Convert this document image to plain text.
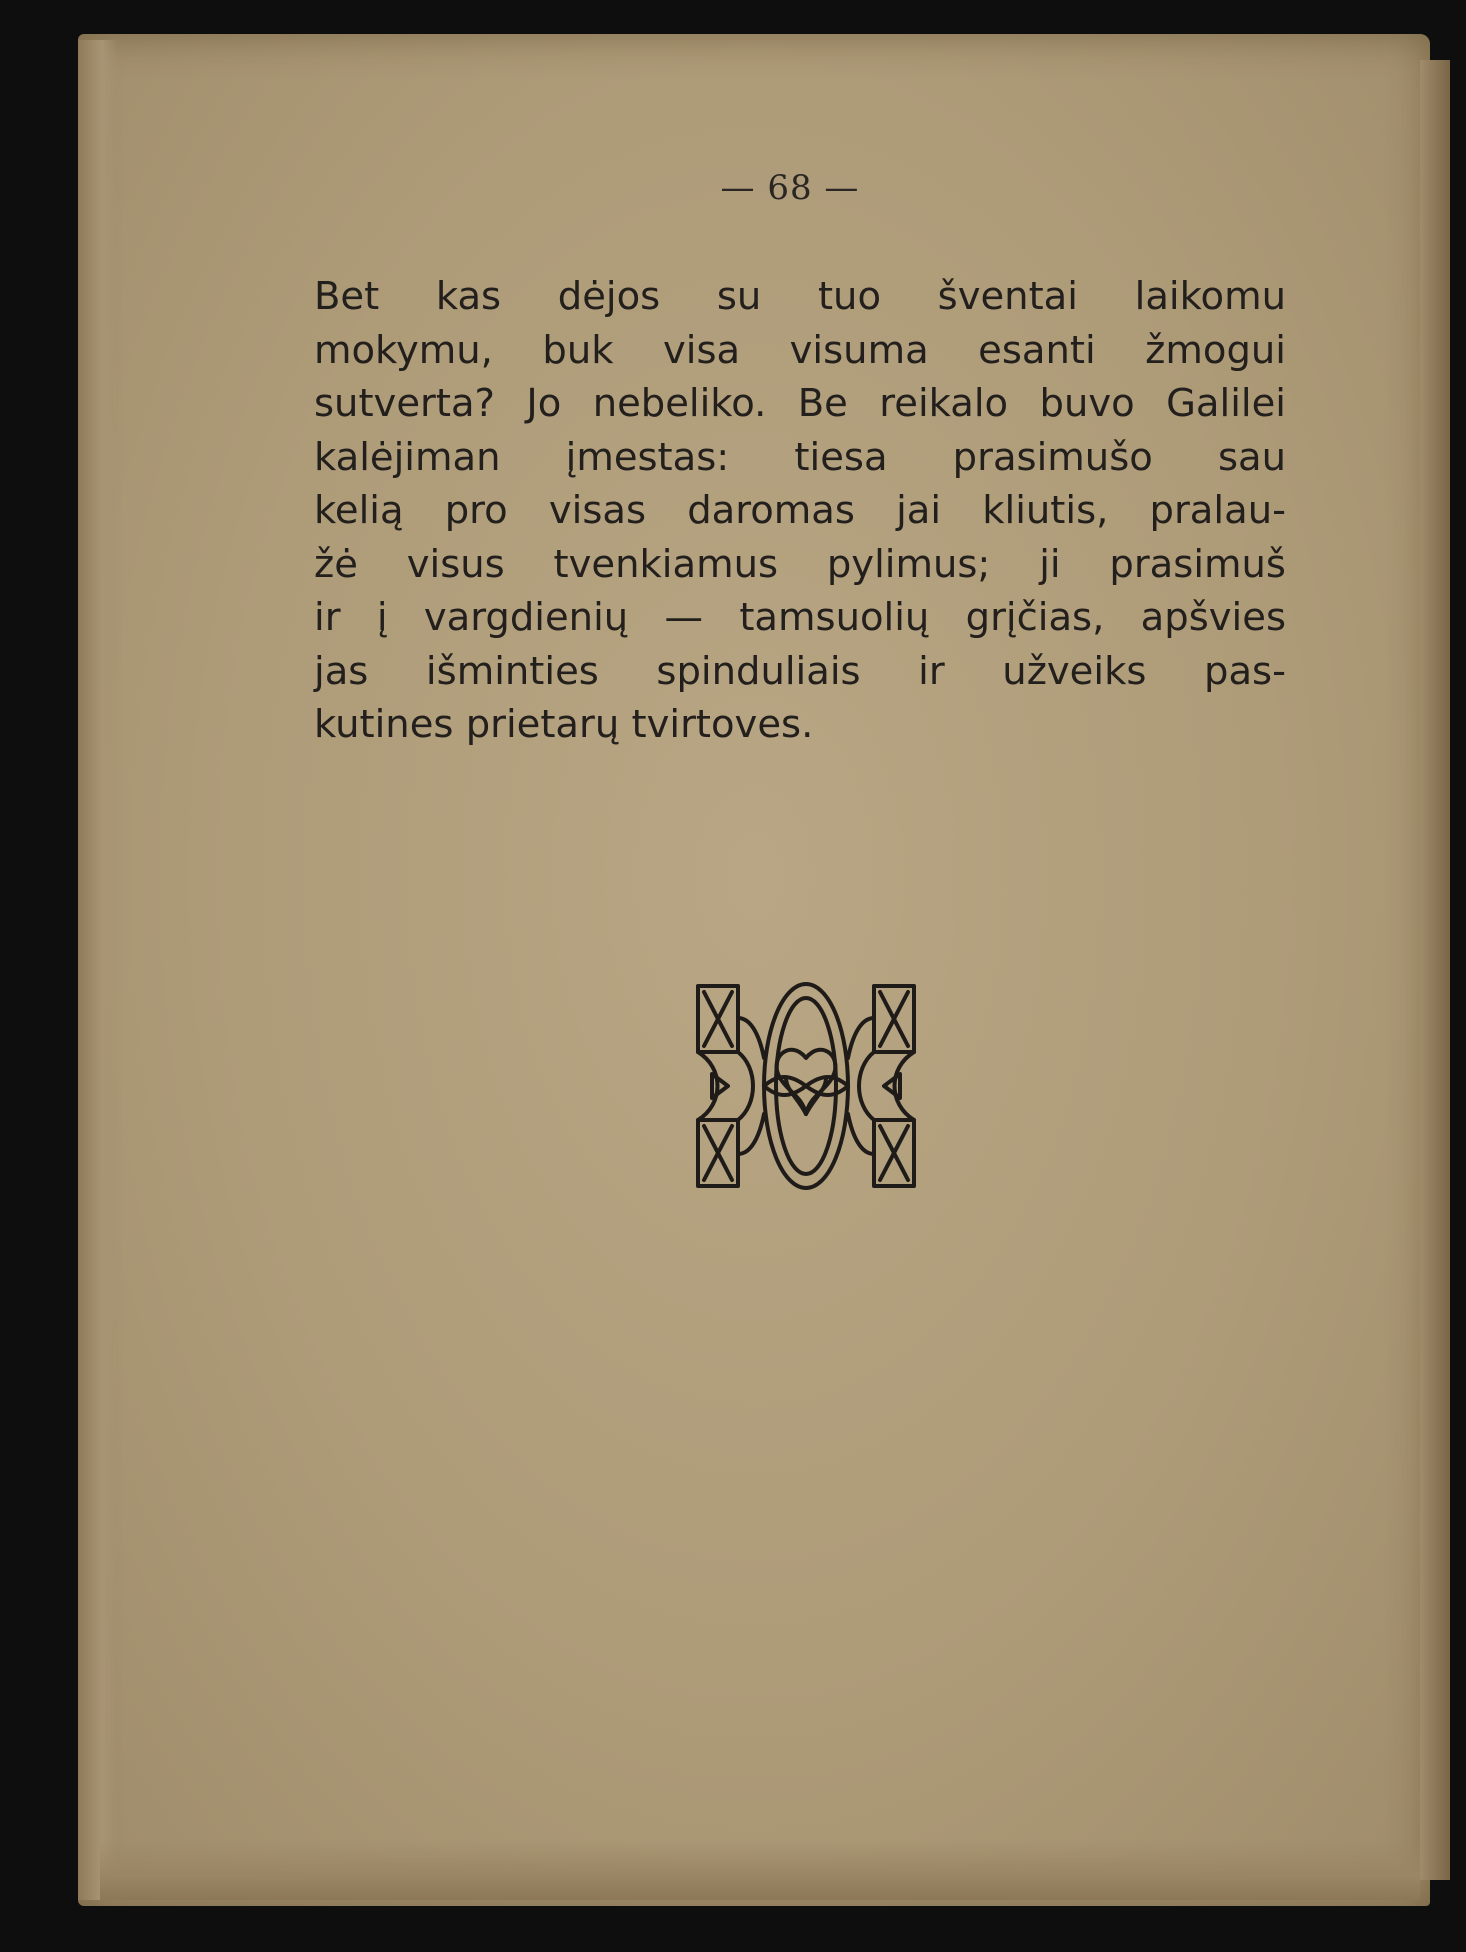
— 68 —
Bet kas dėjos su tuo šventai laikomu
mokymu, buk visa visuma esanti žmogui
sutverta? Jo nebeliko. Be reikalo buvo Galilei
kalėjiman įmestas: tiesa prasimušo sau
kelią pro visas daromas jai kliutis, pralau-
žė visus tvenkiamus pylimus; ji prasimuš
ir į vargdienių — tamsuolių grįčias, apšvies
jas išminties spinduliais ir užveiks pas-
kutines prietarų tvirtoves.
